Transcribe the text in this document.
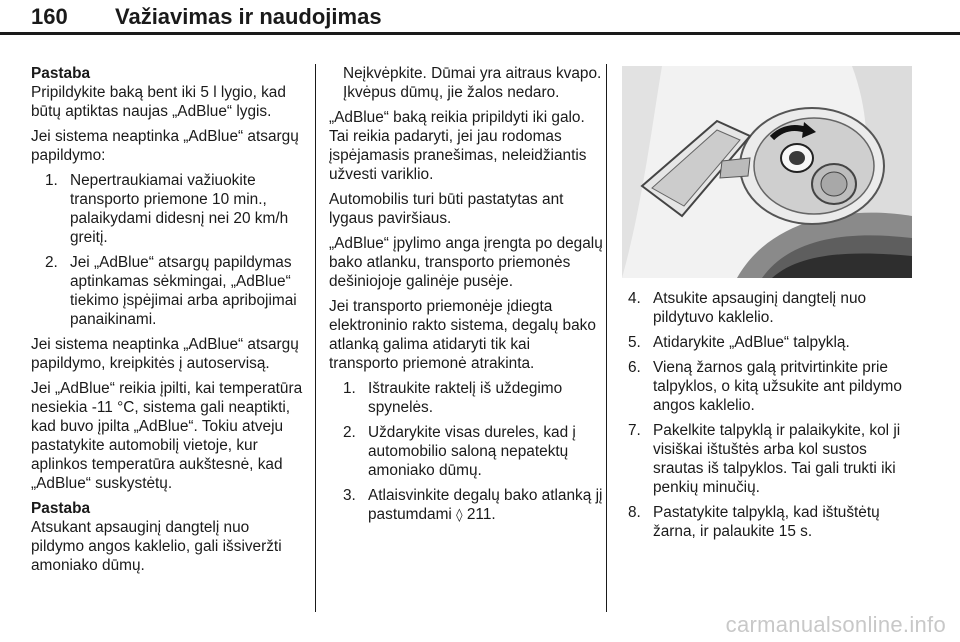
160 Važiavimas ir naudojimas
Pastaba

Pripildykite baką bent iki 5 l lygio, kad būtų aptiktas naujas „AdBlue“ lygis.

Jei sistema neaptinka „AdBlue“ atsargų papildymo:

1. Nepertraukiamai važiuokite transporto priemone 10 min., palaikydami didesnį nei 20 km/h greitį.
2. Jei „AdBlue“ atsargų papildymas aptinkamas sėkmingai, „AdBlue“ tiekimo įspėjimai arba apribojimai panaikinami.

Jei sistema neaptinka „AdBlue“ atsargų papildymo, kreipkitės į autoservisą.

Jei „AdBlue“ reikia įpilti, kai temperatūra nesiekia -11 °C, sistema gali neaptikti, kad buvo įpilta „AdBlue“. Tokiu atveju pastatykite automobilį vietoje, kur aplinkos temperatūra aukštesnė, kad „AdBlue“ suskystėtų.

Pastaba

Atsukant apsauginį dangtelį nuo pildymo angos kaklelio, gali išsiveržti amoniako dūmų.

Neįkvėpkite. Dūmai yra aitraus kvapo. Įkvėpus dūmų, jie žalos nedaro.

„AdBlue“ baką reikia pripildyti iki galo. Tai reikia padaryti, jei jau rodomas įspėjamasis pranešimas, neleidžiantis užvesti variklio.

Automobilis turi būti pastatytas ant lygaus paviršiaus.

„AdBlue“ įpylimo anga įrengta po degalų bako atlanku, transporto priemonės dešiniojoje galinėje pusėje.

Jei transporto priemonėje įdiegta elektroninio rakto sistema, degalų bako atlanką galima atidaryti tik kai transporto priemonė atrakinta.

1. Ištraukite raktelį iš uždegimo spynelės.
2. Uždarykite visas dureles, kad į automobilio saloną nepatektų amoniako dūmų.
3. Atlaisvinkite degalų bako atlanką jį pastumdami ◊ 211.
4. Atsukite apsauginį dangtelį nuo pildytuvo kaklelio.
5. Atidarykite „AdBlue“ talpyklą.
6. Vieną žarnos galą pritvirtinkite prie talpyklos, o kitą užsukite ant pildymo angos kaklelio.
7. Pakelkite talpyklą ir palaikykite, kol ji visiškai ištuštės arba kol sustos srautas iš talpyklos. Tai gali trukti iki penkių minučių.
8. Pastatykite talpyklą, kad ištuštėtų žarna, ir palaukite 15 s.
carmanualsonline.info
